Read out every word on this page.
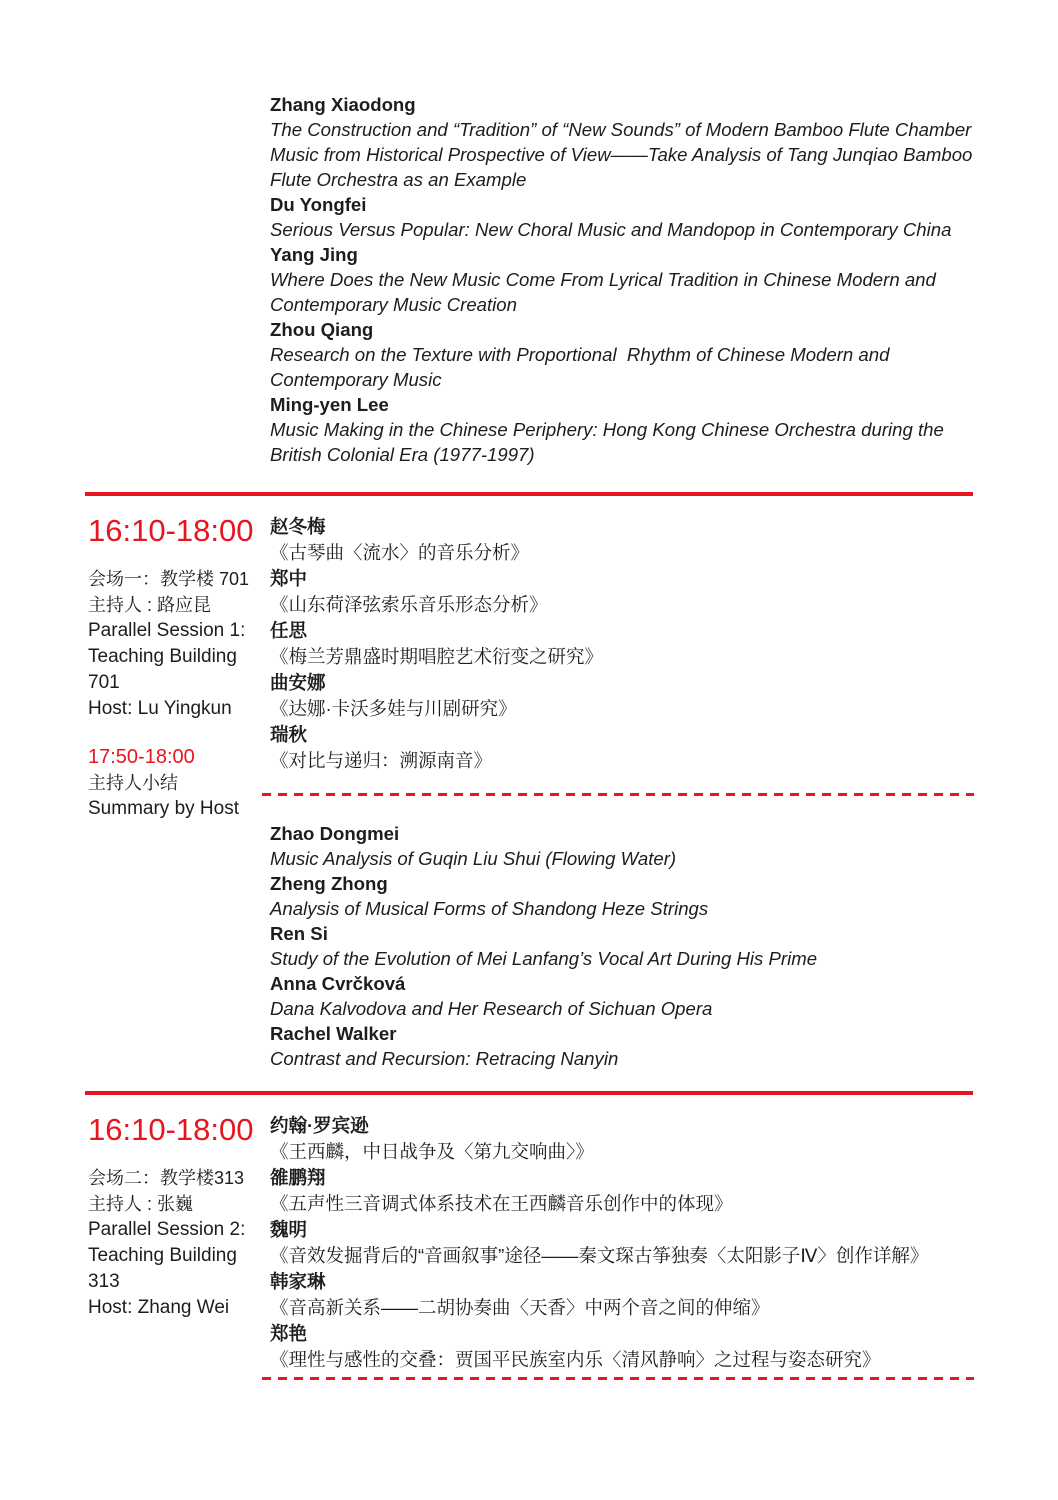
Zhang Xiaodong
The Construction and “Tradition” of “New Sounds” of Modern Bamboo Flute Chamber Music from Historical Prospective of View——Take Analysis of Tang Junqiao Bamboo Flute Orchestra as an Example
Du Yongfei
Serious Versus Popular: New Choral Music and Mandopop in Contemporary China
Yang Jing
Where Does the New Music Come From Lyrical Tradition in Chinese Modern and Contemporary Music Creation
Zhou Qiang
Research on the Texture with Proportional  Rhythm of Chinese Modern and Contemporary Music
Ming-yen Lee
Music Making in the Chinese Periphery: Hong Kong Chinese Orchestra during the British Colonial Era (1977-1997)
16:10-18:00
会场一：教学楼 701
主持人 : 路应昆
Parallel Session 1: Teaching Building 701
Host: Lu Yingkun
17:50-18:00
主持人小结
Summary by Host
赵冬梅
《古琴曲〈流水〉的音乐分析》
郑中
《山东荷泽弦索乐音乐形态分析》
任思
《梅兰芳鼎盛时期唱腔艺术衍变之研究》
曲安娜
《达娜·卡沃多娃与川剧研究》
瑞秋
《对比与递归：溯源南音》
Zhao Dongmei
Music Analysis of Guqin Liu Shui (Flowing Water)
Zheng Zhong
Analysis of Musical Forms of Shandong Heze Strings
Ren Si
Study of the Evolution of Mei Lanfang’s Vocal Art During His Prime
Anna Cvrčková
Dana Kalvodova and Her Research of Sichuan Opera
Rachel Walker
Contrast and Recursion: Retracing Nanyin
16:10-18:00
会场二：教学楼313
主持人 : 张巍
Parallel Session 2: Teaching Building 313
Host: Zhang Wei
约翰·罗宾逊
《王西麟，中日战争及〈第九交响曲〉》
雒鹏翔
《五声性三音调式体系技术在王西麟音乐创作中的体现》
魏明
《音效发掘背后的“音画叙事”途径——秦文琛古筝独奏〈太阳影子Ⅳ〉创作详解》
韩家琳
《音高新关系——二胡协奏曲〈天香〉中两个音之间的伸缩》
郑艳
《理性与感性的交叠：贾国平民族室内乐〈清风静响〉之过程与姿态研究》
